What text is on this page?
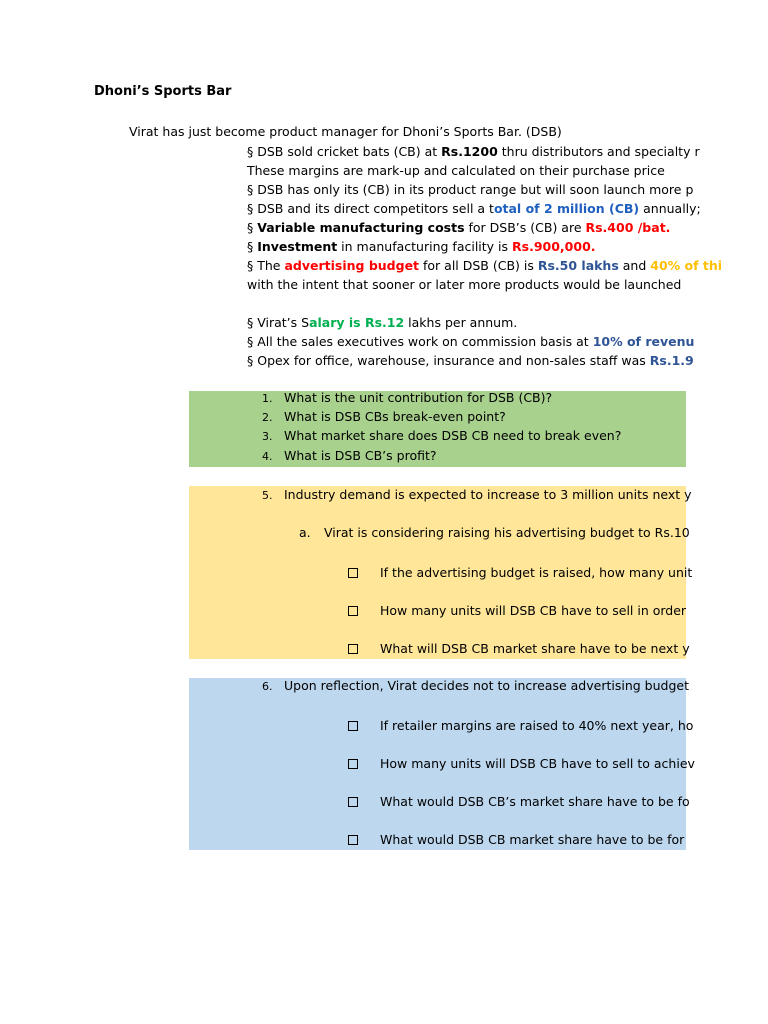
Dhoni’s Sports Bar
Virat has just become product manager for Dhoni’s Sports Bar. (DSB)
§ DSB sold cricket bats (CB) at Rs.1200 thru distributors and specialty r
These margins are mark-up and calculated on their purchase price
§ DSB has only its (CB) in its product range but will soon launch more p
§ DSB and its direct competitors sell a total of 2 million (CB) annually;
§ Variable manufacturing costs for DSB’s (CB) are Rs.400 /bat.
§ Investment in manufacturing facility is Rs.900,000.
§ The advertising budget for all DSB (CB) is Rs.50 lakhs and 40% of thi
with the intent that sooner or later more products would be launched
§ Virat’s Salary is Rs.12 lakhs per annum.
§ All the sales executives work on commission basis at 10% of revenu
§ Opex for office, warehouse, insurance and non-sales staff was Rs.1.9
1. What is the unit contribution for DSB (CB)?
2. What is DSB CBs break-even point?
3. What market share does DSB CB need to break even?
4. What is DSB CB’s profit?
5. Industry demand is expected to increase to 3 million units next y
a. Virat is considering raising his advertising budget to Rs.10
If the advertising budget is raised, how many unit
How many units will DSB CB have to sell in order
What will DSB CB market share have to be next y
6. Upon reflection, Virat decides not to increase advertising budget
If retailer margins are raised to 40% next year, ho
How many units will DSB CB have to sell to achiev
What would DSB CB’s market share have to be fo
What would DSB CB market share have to be for
